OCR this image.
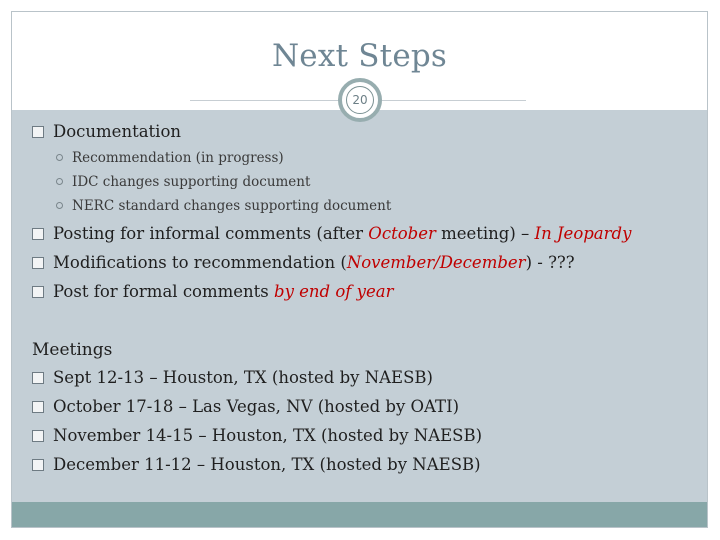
Next Steps
20
Documentation
Recommendation (in progress)
IDC changes supporting document
NERC standard changes supporting document
Posting for informal comments (after October meeting) – In Jeopardy
Modifications to recommendation (November/December) - ???
Post for formal comments by end of year
Meetings
Sept 12-13 – Houston, TX (hosted by NAESB)
October 17-18 – Las Vegas, NV (hosted by OATI)
November 14-15 – Houston, TX (hosted by NAESB)
December 11-12 – Houston, TX (hosted by NAESB)
